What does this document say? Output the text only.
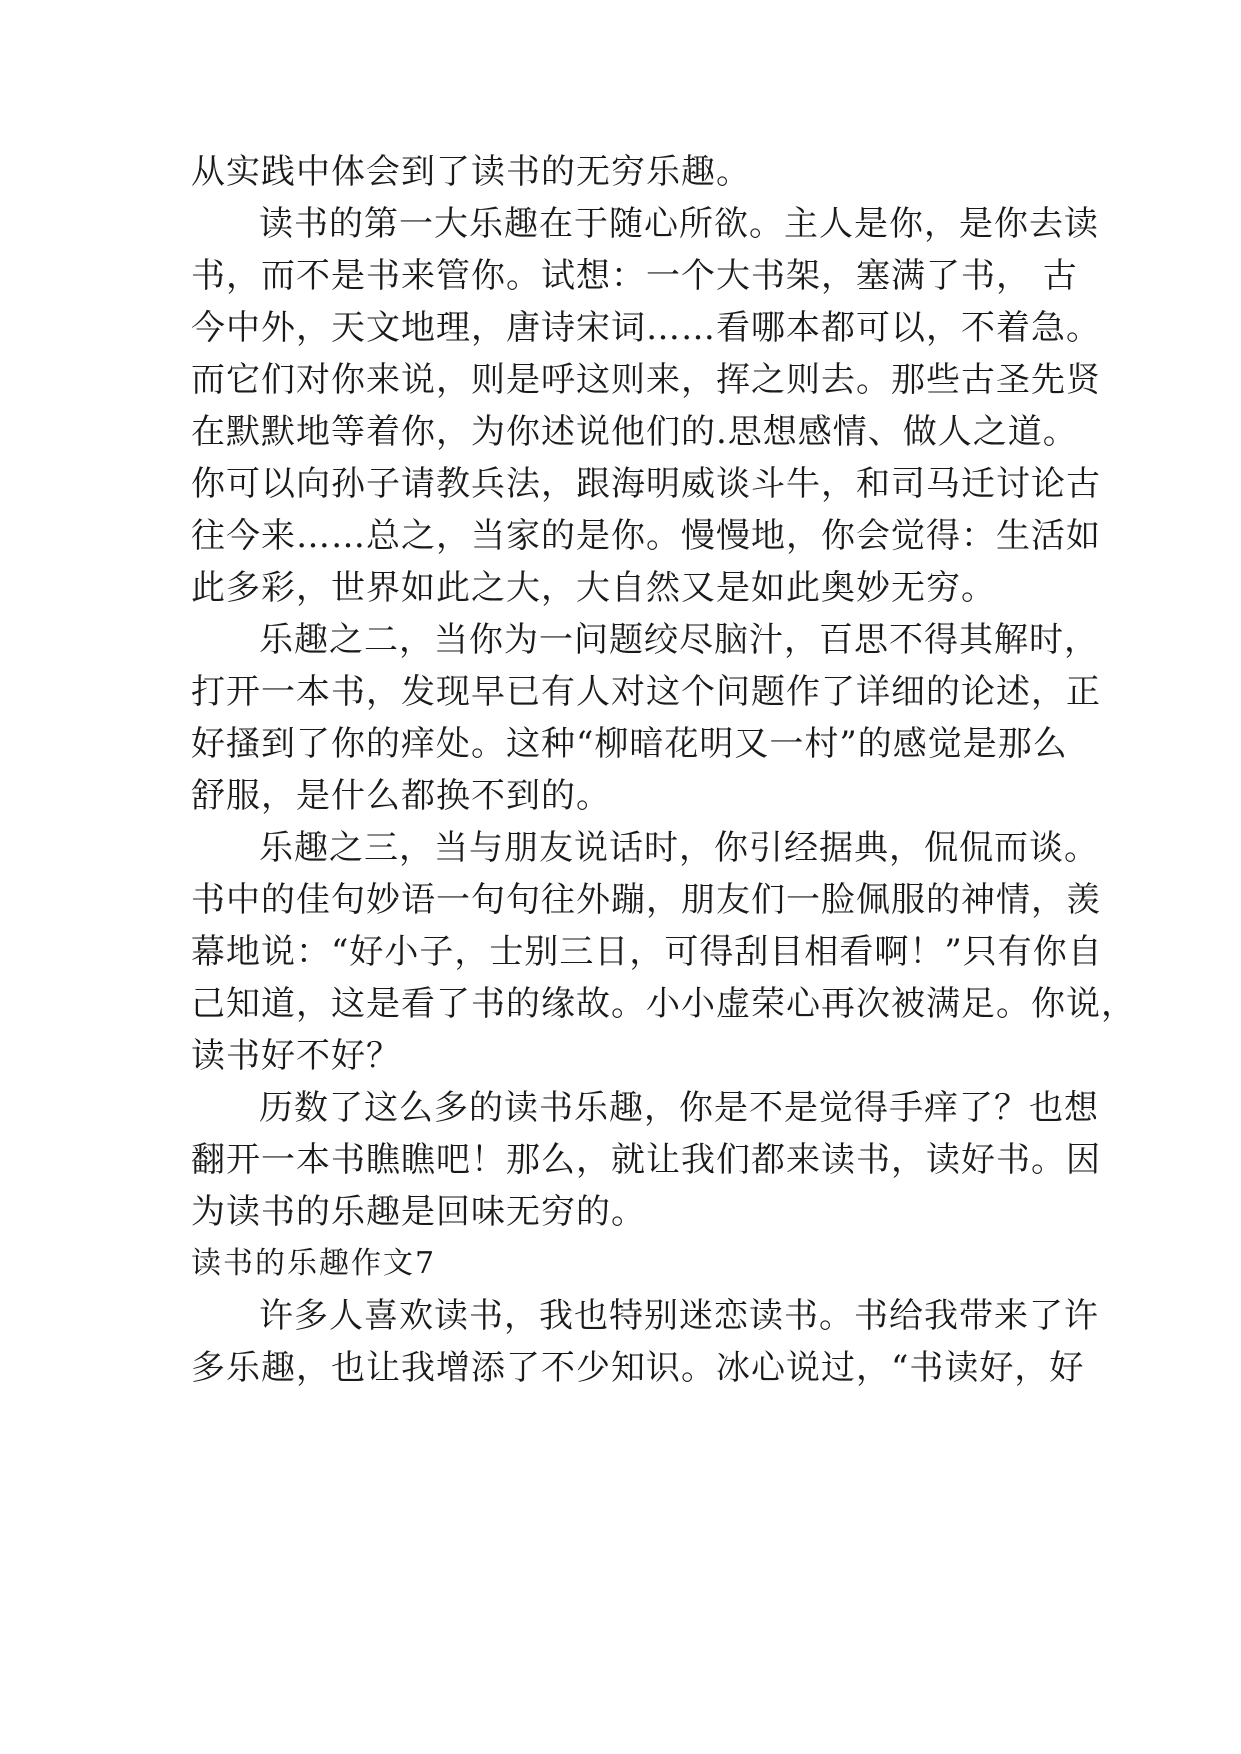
从实践中体会到了读书的无穷乐趣。
读书的第一大乐趣在于随心所欲。主人是你，是你去读
书，而不是书来管你。试想：一个大书架，塞满了书， 古
今中外，天文地理，唐诗宋词……看哪本都可以，不着急。
而它们对你来说，则是呼这则来，挥之则去。那些古圣先贤
在默默地等着你，为你述说他们的.思想感情、做人之道。
你可以向孙子请教兵法，跟海明威谈斗牛，和司马迁讨论古
往今来……总之，当家的是你。慢慢地，你会觉得：生活如
此多彩，世界如此之大，大自然又是如此奥妙无穷。
乐趣之二，当你为一问题绞尽脑汁，百思不得其解时，
打开一本书，发现早已有人对这个问题作了详细的论述，正
好搔到了你的痒处。这种“柳暗花明又一村”的感觉是那么
舒服，是什么都换不到的。
乐趣之三，当与朋友说话时，你引经据典，侃侃而谈。
书中的佳句妙语一句句往外蹦，朋友们一脸佩服的神情，羡
幕地说：“好小子，士别三日，可得刮目相看啊！”只有你自
己知道，这是看了书的缘故。小小虚荣心再次被满足。你说，
读书好不好？
历数了这么多的读书乐趣，你是不是觉得手痒了？也想
翻开一本书瞧瞧吧！那么，就让我们都来读书，读好书。因
为读书的乐趣是回味无穷的。
读书的乐趣作文7
许多人喜欢读书，我也特别迷恋读书。书给我带来了许
多乐趣，也让我增添了不少知识。冰心说过，“书读好，好
